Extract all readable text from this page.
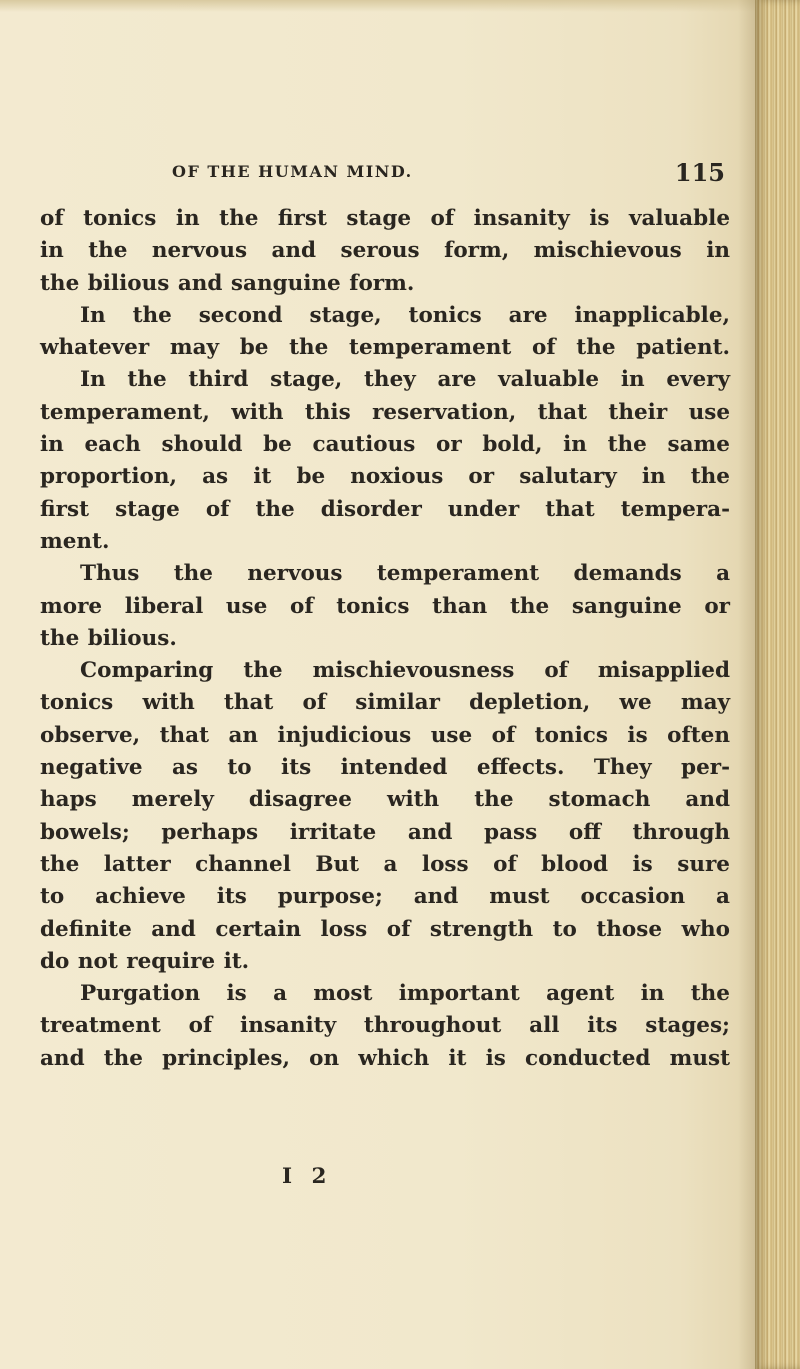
OF THE HUMAN MIND.	115
of tonics in the first stage of insanity is valuable
in the nervous and serous form, mischievous in
the bilious and sanguine form.
In the second stage, tonics are inapplicable,
whatever may be the temperament of the patient.
In the third stage, they are valuable in every
temperament, with this reservation, that their use
in each should be cautious or bold, in the same
proportion, as it be noxious or salutary in the
first stage of the disorder under that tempera-
ment.
Thus the nervous temperament demands a
more liberal use of tonics than the sanguine or
the bilious.
Comparing the mischievousness of misapplied
tonics with that of similar depletion, we may
observe, that an injudicious use of tonics is often
negative as to its intended effects. They per-
haps merely disagree with the stomach and
bowels; perhaps irritate and pass off through
the latter channel But a loss of blood is sure
to achieve its purpose; and must occasion a
definite and certain loss of strength to those who
do not require it.
Purgation is a most important agent in the
treatment of insanity throughout all its stages;
and the principles, on which it is conducted must
I 2
